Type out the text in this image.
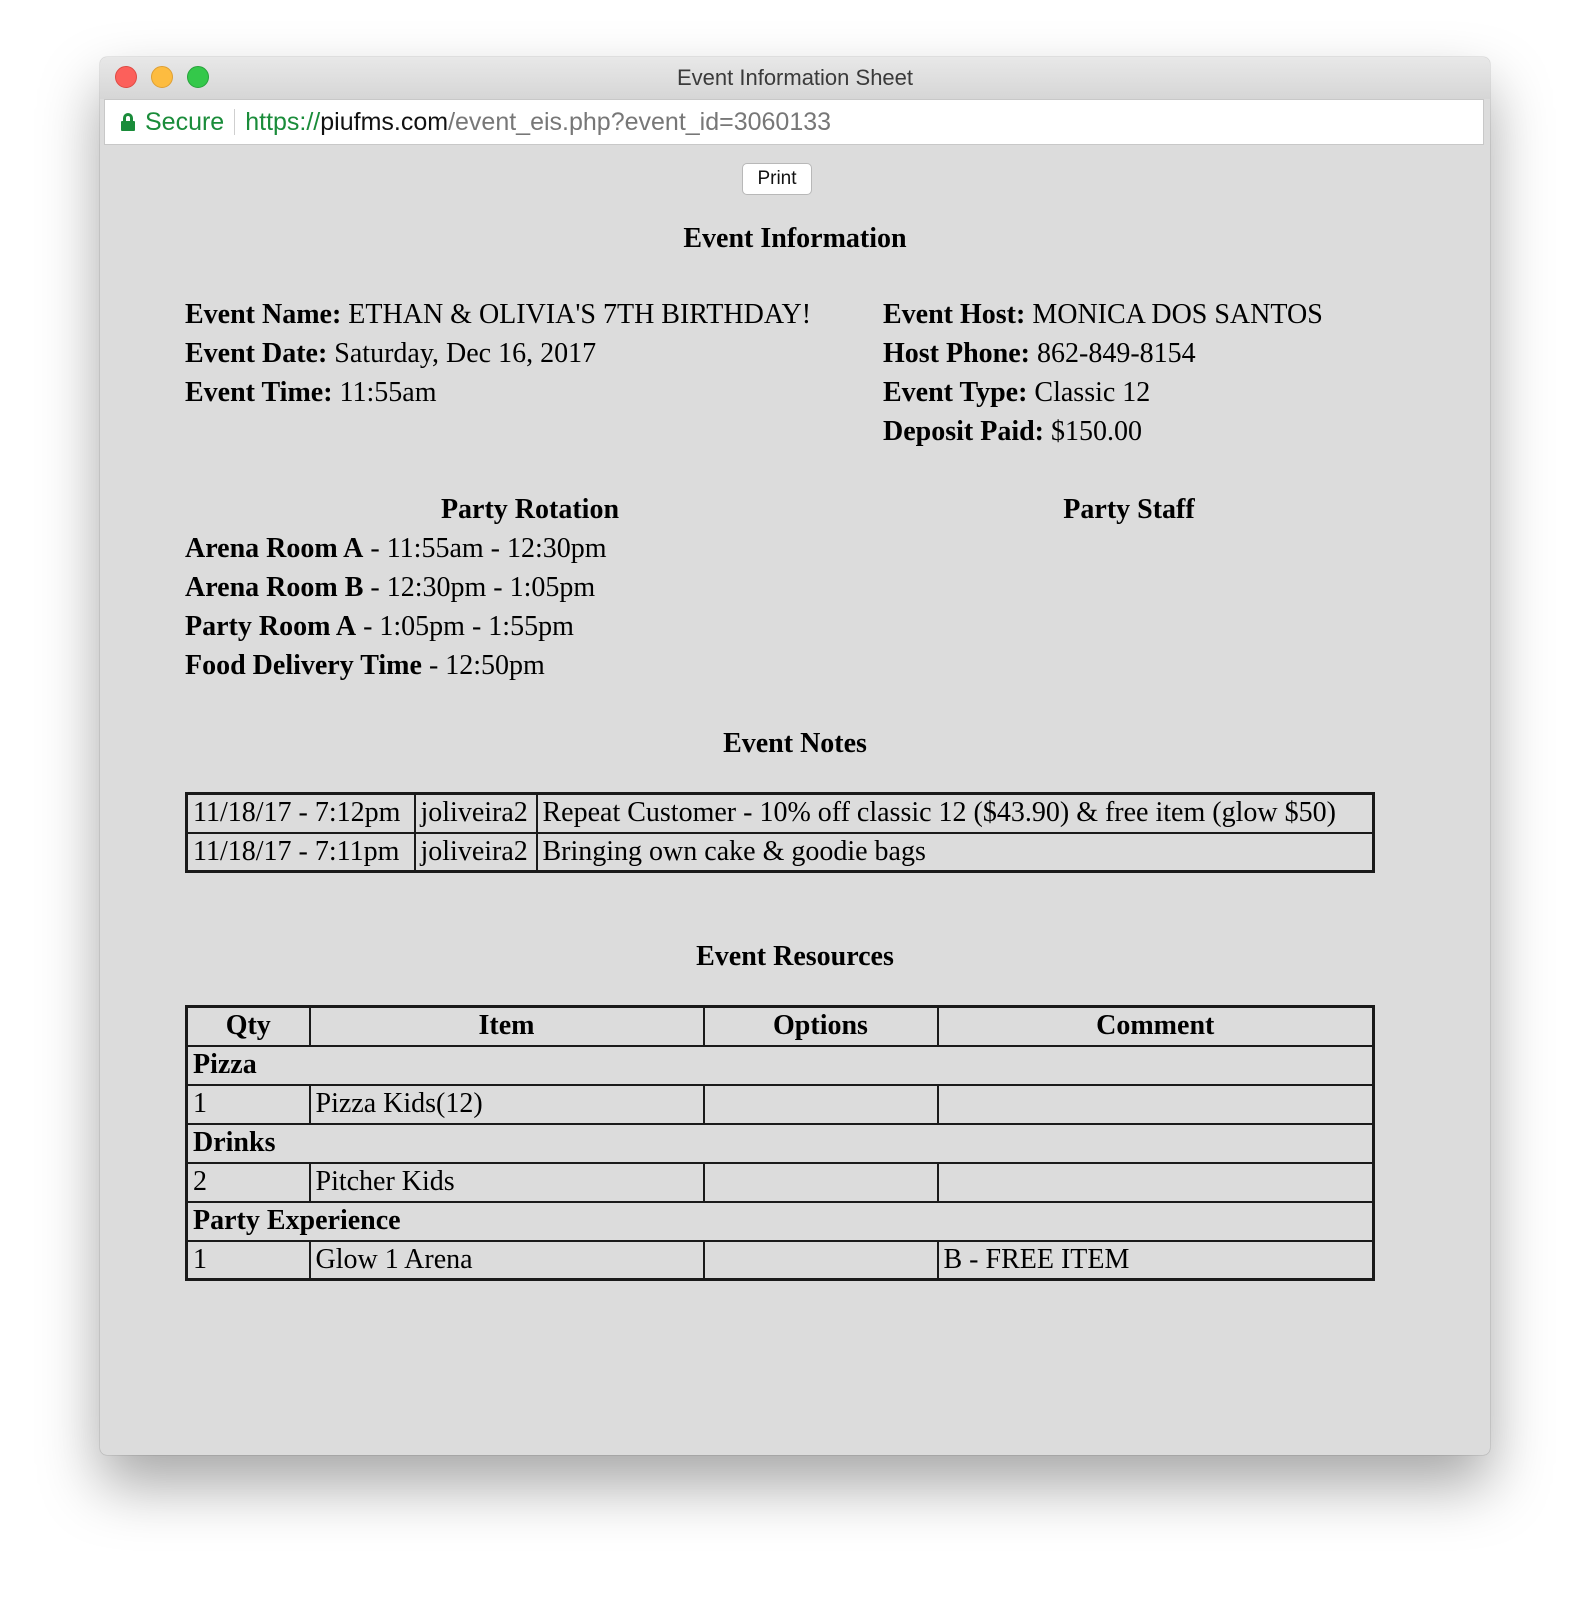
Event Information Sheet
Secure https:// piufms.com /event_eis.php?event_id=3060133
Print
Event Information
Event Name: ETHAN & OLIVIA'S 7TH BIRTHDAY!
Event Date: Saturday, Dec 16, 2017
Event Time: 11:55am
Event Host: MONICA DOS SANTOS
Host Phone: 862-849-8154
Event Type: Classic 12
Deposit Paid: $150.00
Party Rotation	Party Staff
Arena Room A - 11:55am - 12:30pm
Arena Room B - 12:30pm - 1:05pm
Party Room A - 1:05pm - 1:55pm
Food Delivery Time - 12:50pm
Event Notes
11/18/17 - 7:12pm	joliveira2	Repeat Customer - 10% off classic 12 ($43.90) & free item (glow $50)
11/18/17 - 7:11pm	joliveira2	Bringing own cake & goodie bags
Event Resources
Qty	Item	Options	Comment
Pizza			
1	Pizza Kids(12)		
Drinks			
2	Pitcher Kids		
Party Experience			
1	Glow 1 Arena		B - FREE ITEM
